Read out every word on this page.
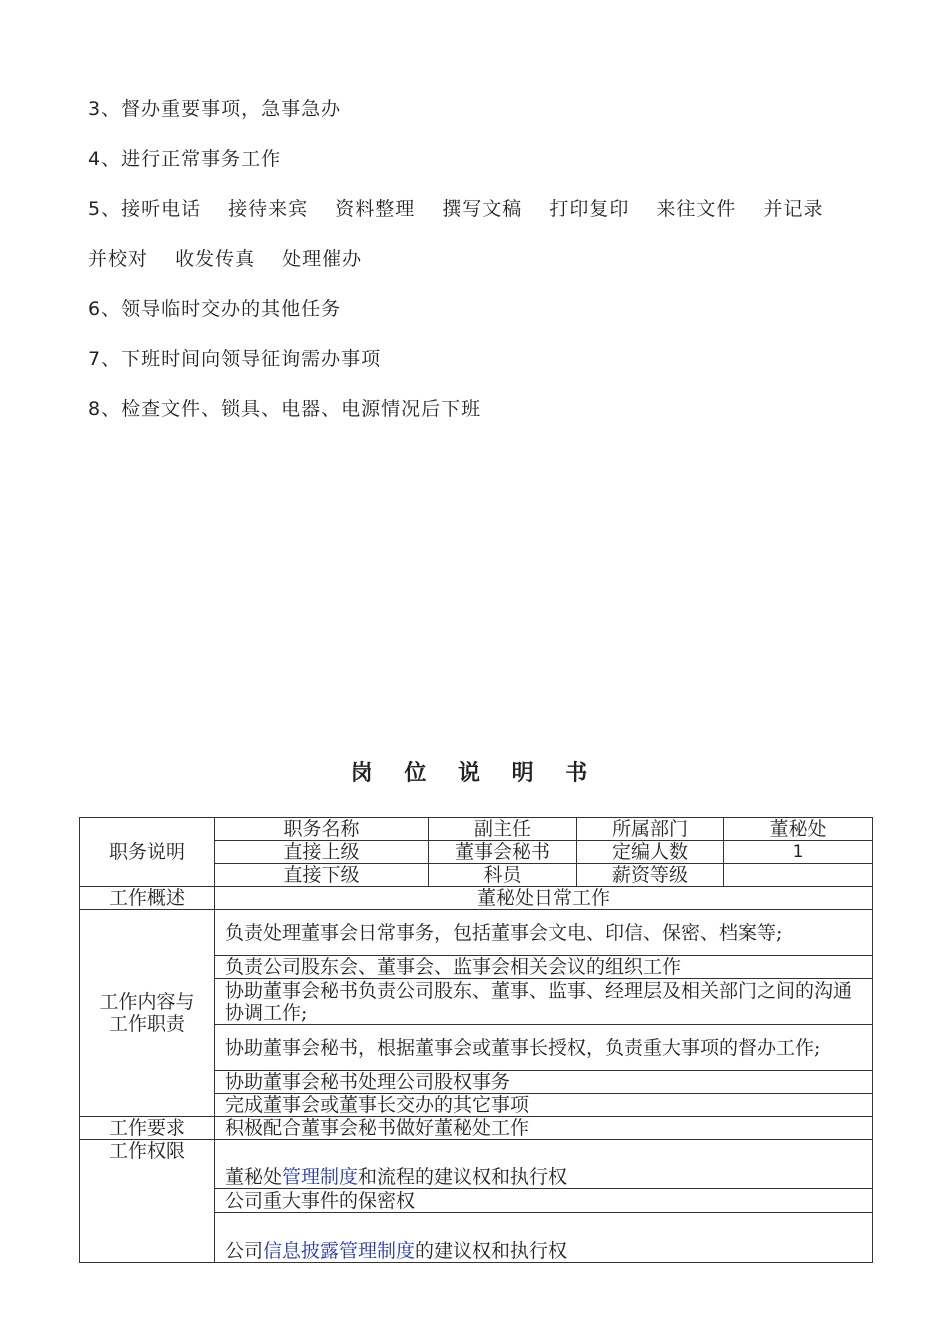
3、督办重要事项，急事急办
4、进行正常事务工作
5、接听电话 接待来宾 资料整理 撰写文稿 打印复印 来往文件 并记录
并校对 收发传真 处理催办
6、领导临时交办的其他任务
7、下班时间向领导征询需办事项
8、检查文件、锁具、电器、电源情况后下班
岗 位 说 明 书
职务说明	职务名称	副主任	所属部门	董秘处
	直接上级	董事会秘书	定编人数	1
	直接下级	科员	薪资等级	
工作概述	董秘处日常工作			

工作内容与
工作职责	负责处理董事会日常事务，包括董事会文电、印信、保密、档案等;			
	负责公司股东会、董事会、监事会相关会议的组织工作			
	协助董事会秘书负责公司股东、董事、监事、经理层及相关部门之间的沟通协调工作;			
	协助董事会秘书，根据董事会或董事长授权，负责重大事项的督办工作;			
	协助董事会秘书处理公司股权事务			
	完成董事会或董事长交办的其它事项			
工作要求	积极配合董事会秘书做好董秘处工作			
工作权限	董秘处管理制度和流程的建议权和执行权			
	公司重大事件的保密权			
	公司信息披露管理制度的建议权和执行权			
